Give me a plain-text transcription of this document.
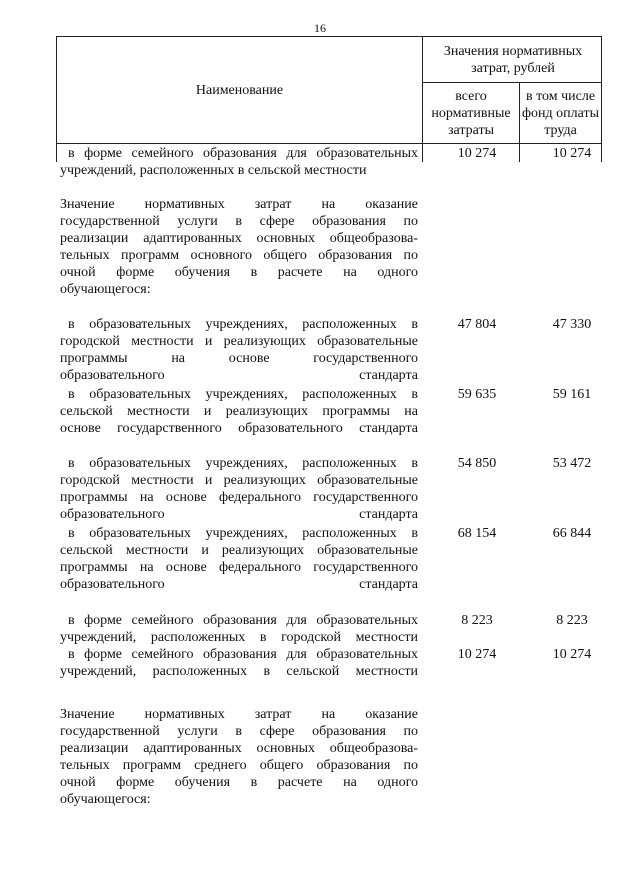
16
Наименование
Значения нормативных затрат, рублей
всего нормативные затраты
в том числе фонд оплаты труда
в форме семейного образования для образовательных
учреждений, расположенных в сельской местности
10 274	10 274
Значение нормативных затрат на оказание
государственной услуги в сфере образования по
реализации адаптированных основных общеобразова-
тельных программ основного общего образования по
очной форме обучения в расчете на одного
обучающегося:
в образовательных учреждениях, расположенных в
городской местности и реализующих образовательные
программы на основе государственного
образовательного стандарта
47 804	47 330
в образовательных учреждениях, расположенных в
сельской местности и реализующих программы на
основе государственного образовательного стандарта
59 635	59 161
в образовательных учреждениях, расположенных в
городской местности и реализующих образовательные
программы на основе федерального государственного
образовательного стандарта
54 850	53 472
в образовательных учреждениях, расположенных в
сельской местности и реализующих образовательные
программы на основе федерального государственного
образовательного стандарта
68 154	66 844
в форме семейного образования для образовательных
учреждений, расположенных в городской местности
8 223	8 223
в форме семейного образования для образовательных
учреждений, расположенных в сельской местности
10 274	10 274
Значение нормативных затрат на оказание
государственной услуги в сфере образования по
реализации адаптированных основных общеобразова-
тельных программ среднего общего образования по
очной форме обучения в расчете на одного
обучающегося:
